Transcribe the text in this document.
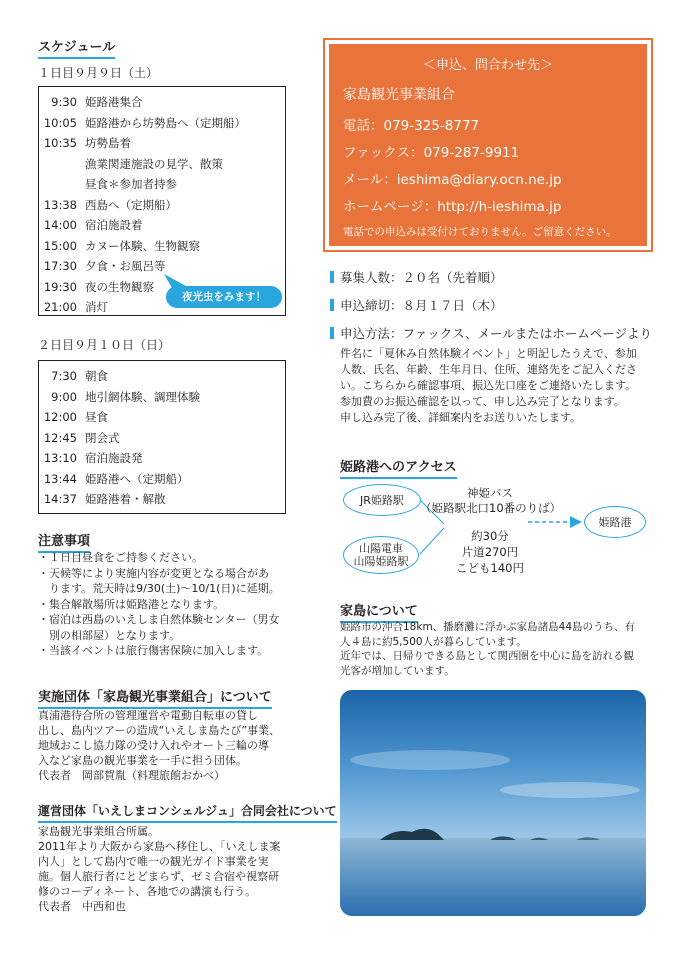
スケジュール
１日目９月９日（土）
9:30 姫路港集合
10:05 姫路港から坊勢島へ（定期船）
10:35 坊勢島着
漁業関連施設の見学、散策
昼食＊参加者持参
13:38 西島へ（定期船）
14:00 宿泊施設着
15:00 カヌー体験、生物観察
17:30 夕食・お風呂等
19:30 夜の生物観察
21:00 消灯
夜光虫をみます！
２日目９月１０日（日）
7:30 朝食
9:00 地引網体験、調理体験
12:00 昼食
12:45 閉会式
13:10 宿泊施設発
13:44 姫路港へ（定期船）
14:37 姫路港着・解散
注意事項
・１日目昼食をご持参ください。
・天候等により実施内容が変更となる場合があ
　ります。荒天時は9/30(土)〜10/1(日)に延期。
・集合解散場所は姫路港となります。
・宿泊は西島のいえしま自然体験センター（男女
　別の相部屋）となります。
・当該イベントは旅行傷害保険に加入します。
実施団体「家島観光事業組合」について
真浦港待合所の管理運営や電動自転車の貸し
出し、島内ツアーの造成“いえしま島たび”事業、
地域おこし協力隊の受け入れやオート三輪の導
入など家島の観光事業を一手に担う団体。
代表者　岡部賀胤（料理旅館おかべ）
運営団体「いえしまコンシェルジュ」合同会社について
家島観光事業組合所属。
2011年より大阪から家島へ移住し、「いえしま案
内人」として島内で唯一の観光ガイド事業を実
施。個人旅行者にとどまらず、ゼミ合宿や視察研
修のコーディネート、各地での講演も行う。
代表者　中西和也
＜申込、問合わせ先＞
家島観光事業組合
電話：079-325-8777
ファックス：079-287-9911
メール：ieshima@diary.ocn.ne.jp
ホームページ：http://h-ieshima.jp
電話での申込みは受付けておりません。ご留意ください。
募集人数：２０名（先着順）
申込締切：８月１７日（木）
申込方法：ファックス、メールまたはホームページより
件名に「夏休み自然体験イベント」と明記したうえで、参加
人数、氏名、年齢、生年月日、住所、連絡先をご記入くださ
い。こちらから確認事項、振込先口座をご連絡いたします。
参加費のお振込確認を以って、申し込み完了となります。
申し込み完了後、詳細案内をお送りいたします。
姫路港へのアクセス
JR姫路駅
山陽電車
山陽姫路駅
神姫バス
（姫路駅北口10番のりば）
約30分
片道270円
こども140円
姫路港
家島について
姫路市の沖合18km、播磨灘に浮かぶ家島諸島44島のうち、有
人４島に約5,500人が暮らしています。
近年では、日帰りできる島として関西圏を中心に島を訪れる観
光客が増加しています。
